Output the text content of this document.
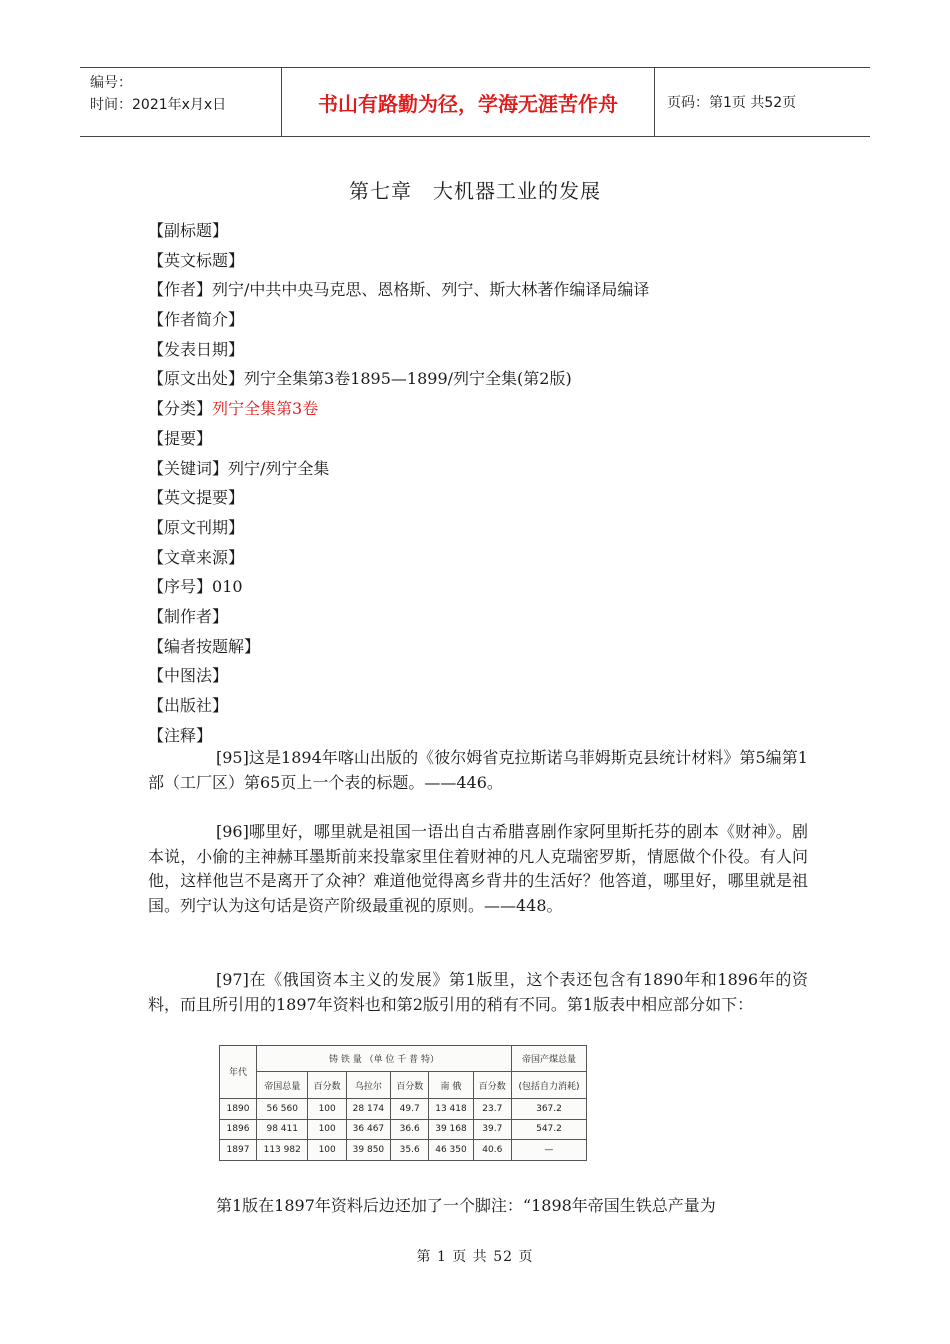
编号：
时间：2021年x月x日	书山有路勤为径，学海无涯苦作舟	页码：第1页 共52页
第七章　大机器工业的发展
【副标题】
【英文标题】
【作者】列宁/中共中央马克思、恩格斯、列宁、斯大林著作编译局编译
【作者简介】
【发表日期】
【原文出处】列宁全集第3卷1895—1899/列宁全集(第2版)
【分类】列宁全集第3卷
【提要】
【关键词】列宁/列宁全集
【英文提要】
【原文刊期】
【文章来源】
【序号】010
【制作者】
【编者按题解】
【中图法】
【出版社】
【注释】
[95]这是1894年喀山出版的《彼尔姆省克拉斯诺乌菲姆斯克县统计材料》第5编第1部（工厂区）第65页上一个表的标题。——446。
[96]哪里好，哪里就是祖国一语出自古希腊喜剧作家阿里斯托芬的剧本《财神》。剧本说，小偷的主神赫耳墨斯前来投靠家里住着财神的凡人克瑞密罗斯，情愿做个仆役。有人问他，这样他岂不是离开了众神？难道他觉得离乡背井的生活好？他答道，哪里好，哪里就是祖国。列宁认为这句话是资产阶级最重视的原则。——448。
[97]在《俄国资本主义的发展》第1版里，这个表还包含有1890年和1896年的资料，而且所引用的1897年资料也和第2版引用的稍有不同。第1版表中相应部分如下：
年代	铸 铁 量 （单 位 千 普 特）						帝国产煤总量
	帝国总量	百分数	乌拉尔	百分数	南 俄	百分数	(包括自力消耗)
1890	56 560	100	28 174	49.7	13 418	23.7	367.2
1896	98 411	100	36 467	36.6	39 168	39.7	547.2
1897	113 982	100	39 850	35.6	46 350	40.6	—
第1版在1897年资料后边还加了一个脚注：“1898年帝国生铁总产量为
第 1 页 共 52 页
